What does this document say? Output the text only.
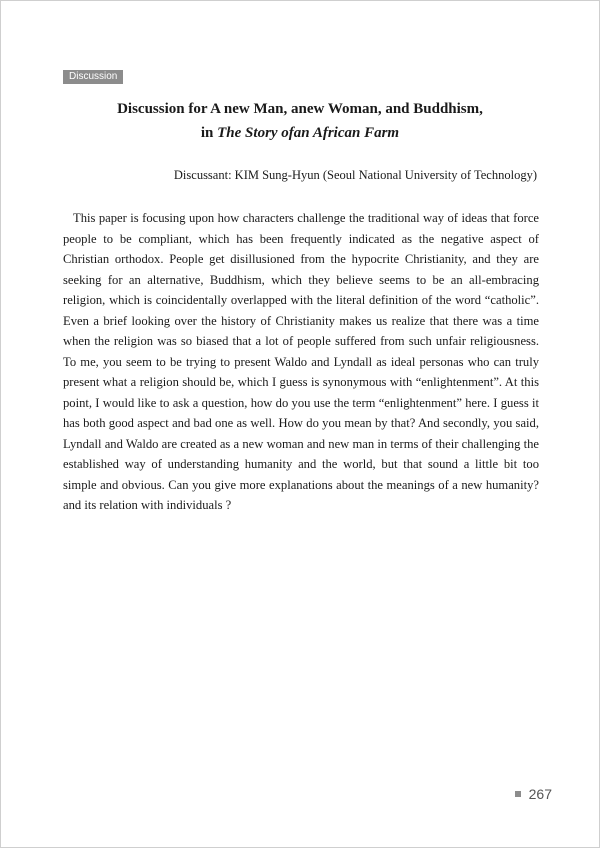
Discussion
Discussion for A new Man, anew Woman, and Buddhism,
in The Story ofan African Farm
Discussant: KIM Sung-Hyun (Seoul National University of Technology)

This paper is focusing upon how characters challenge the traditional way of ideas that force people to be compliant, which has been frequently indicated as the negative aspect of Christian orthodox. People get disillusioned from the hypocrite Christianity, and they are seeking for an alternative, Buddhism, which they believe seems to be an all-embracing religion, which is coincidentally overlapped with the literal definition of the word “catholic”. Even a brief looking over the history of Christianity makes us realize that there was a time when the religion was so biased that a lot of people suffered from such unfair religiousness. To me, you seem to be trying to present Waldo and Lyndall as ideal personas who can truly present what a religion should be, which I guess is synonymous with “enlightenment”. At this point, I would like to ask a question, how do you use the term “enlightenment” here. I guess it has both good aspect and bad one as well. How do you mean by that? And secondly, you said, Lyndall and Waldo are created as a new woman and new man in terms of their challenging the established way of understanding humanity and the world, but that sound a little bit too simple and obvious. Can you give more explanations about the meanings of a new humanity? and its relation with individuals ?

267
